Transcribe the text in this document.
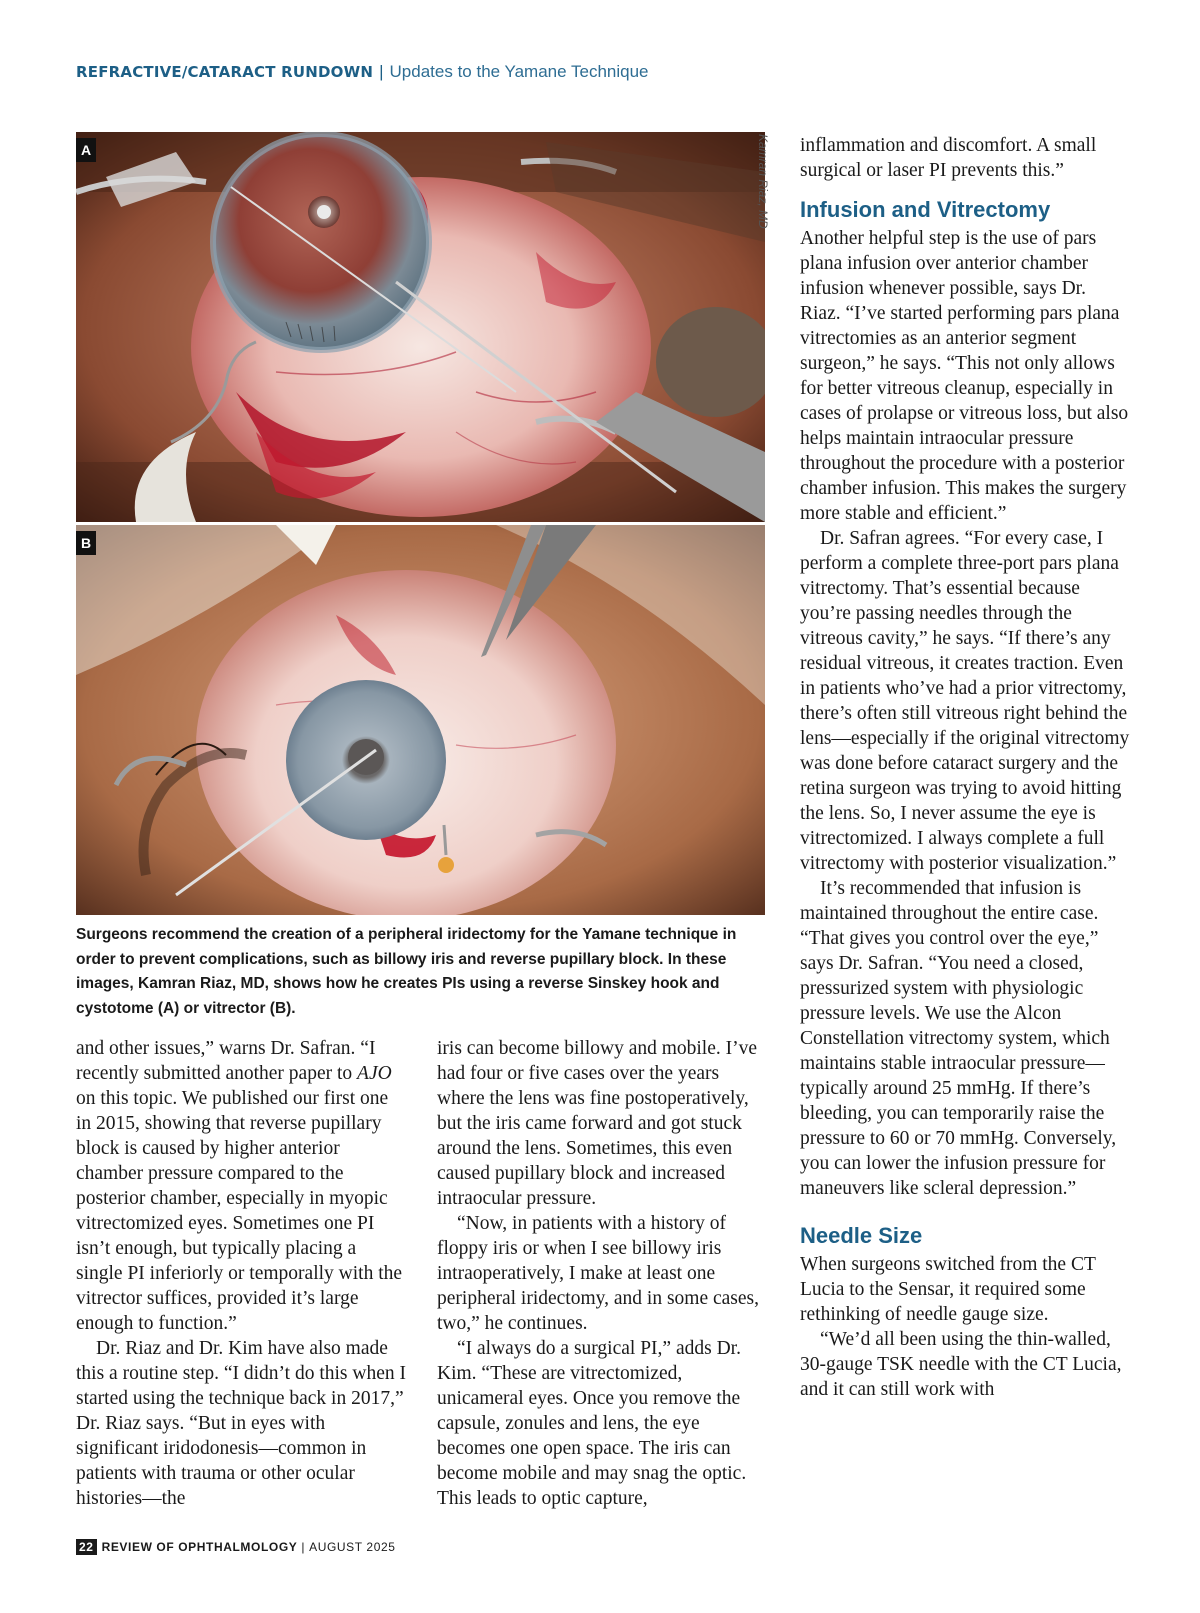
REFRACTIVE/CATARACT RUNDOWN | Updates to the Yamane Technique
A
B
Kamran Riaz, MD
Surgeons recommend the creation of a peripheral iridectomy for the Yamane technique in order to prevent complications, such as billowy iris and reverse pupillary block. In these images, Kamran Riaz, MD, shows how he creates PIs using a reverse Sinskey hook and cystotome (A) or vitrector (B).

and other issues,” warns Dr. Safran. “I recently submitted another paper to AJO on this topic. We published our first one in 2015, showing that reverse pupillary block is caused by higher anterior chamber pressure compared to the posterior chamber, especially in myopic vitrectomized eyes. Sometimes one PI isn’t enough, but typically placing a single PI inferiorly or temporally with the vitrector suffices, provided it’s large enough to function.”

Dr. Riaz and Dr. Kim have also made this a routine step. “I didn’t do this when I started using the technique back in 2017,” Dr. Riaz says. “But in eyes with significant iridodonesis—common in patients with trauma or other ocular histories—the

iris can become billowy and mobile. I’ve had four or five cases over the years where the lens was fine postoperatively, but the iris came forward and got stuck around the lens. Sometimes, this even caused pupillary block and increased intraocular pressure.

“Now, in patients with a history of floppy iris or when I see billowy iris intraoperatively, I make at least one peripheral iridectomy, and in some cases, two,” he continues.

“I always do a surgical PI,” adds Dr. Kim. “These are vitrectomized, unicameral eyes. Once you remove the capsule, zonules and lens, the eye becomes one open space. The iris can become mobile and may snag the optic. This leads to optic capture,

inflammation and discomfort. A small surgical or laser PI prevents this.”

Infusion and Vitrectomy

Another helpful step is the use of pars plana infusion over anterior chamber infusion whenever possible, says Dr. Riaz. “I’ve started performing pars plana vitrectomies as an anterior segment surgeon,” he says. “This not only allows for better vitreous cleanup, especially in cases of prolapse or vitreous loss, but also helps maintain intraocular pressure throughout the procedure with a posterior chamber infusion. This makes the surgery more stable and efficient.”

Dr. Safran agrees. “For every case, I perform a complete three-port pars plana vitrectomy. That’s essential because you’re passing needles through the vitreous cavity,” he says. “If there’s any residual vitreous, it creates traction. Even in patients who’ve had a prior vitrectomy, there’s often still vitreous right behind the lens—especially if the original vitrectomy was done before cataract surgery and the retina surgeon was trying to avoid hitting the lens. So, I never assume the eye is vitrectomized. I always complete a full vitrectomy with posterior visualization.”

It’s recommended that infusion is maintained throughout the entire case. “That gives you control over the eye,” says Dr. Safran. “You need a closed, pressurized system with physiologic pressure levels. We use the Alcon Constellation vitrectomy system, which maintains stable intraocular pressure—typically around 25 mmHg. If there’s bleeding, you can temporarily raise the pressure to 60 or 70 mmHg. Conversely, you can lower the infusion pressure for maneuvers like scleral depression.”

Needle Size

When surgeons switched from the CT Lucia to the Sensar, it required some rethinking of needle gauge size.

“We’d all been using the thin-walled, 30-gauge TSK needle with the CT Lucia, and it can still work with

22 REVIEW OF OPHTHALMOLOGY | AUGUST 2025
